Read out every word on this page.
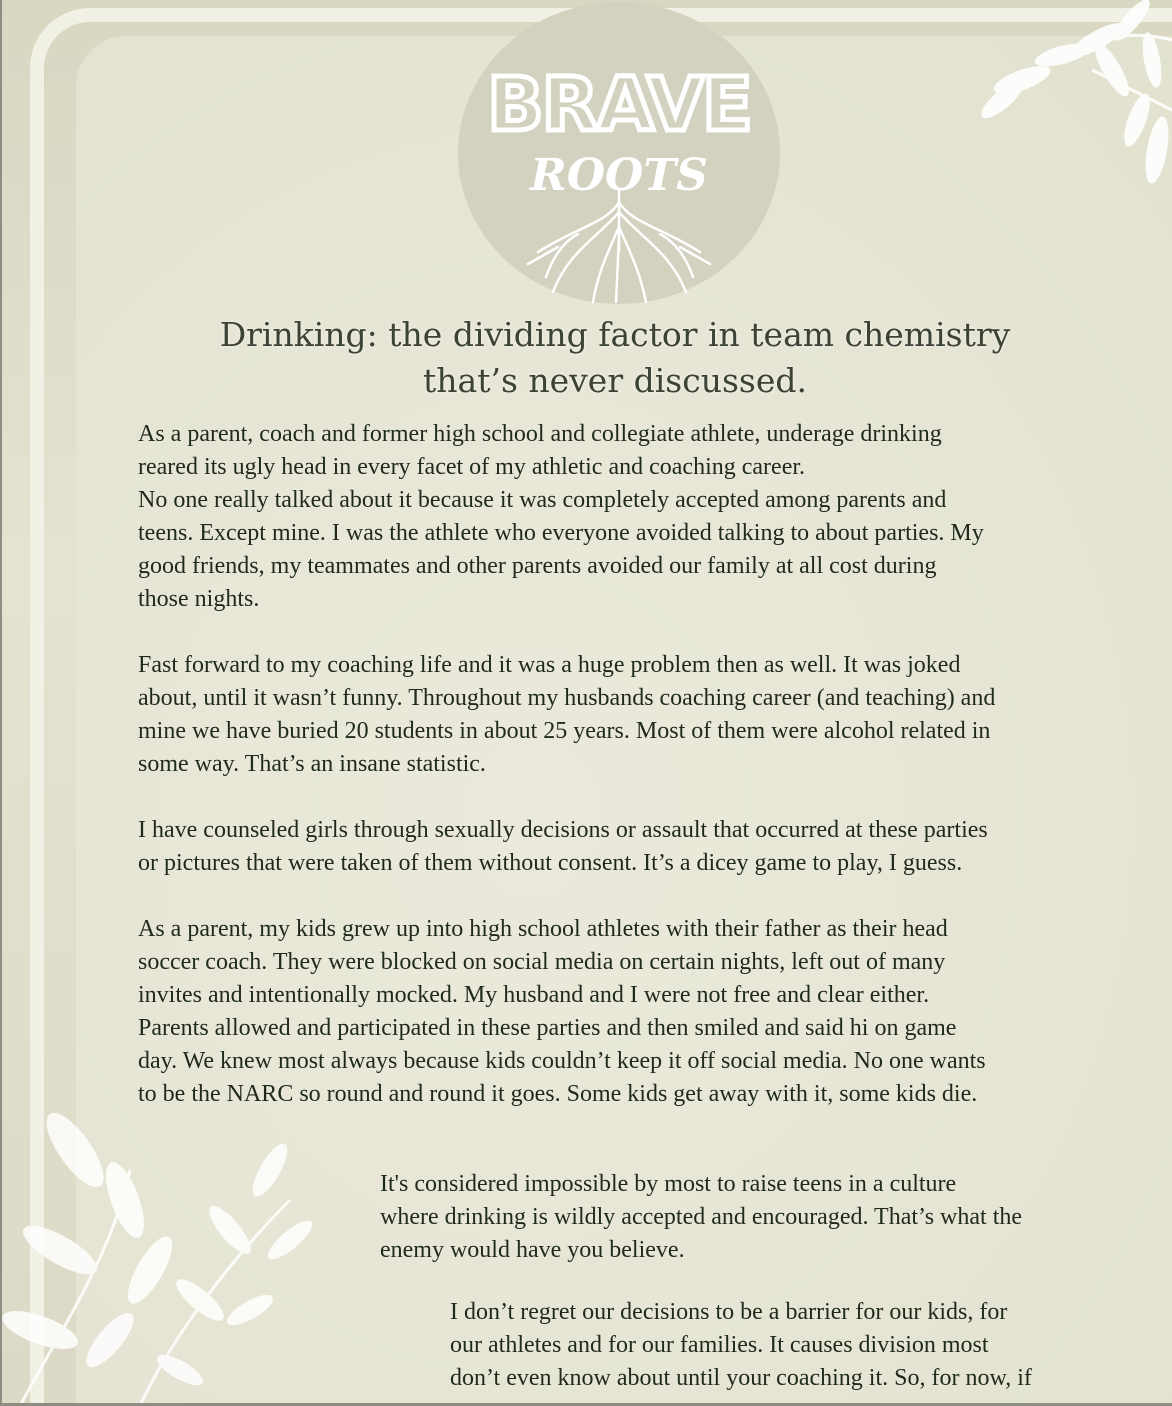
BRAVE
ROOTS
Drinking: the dividing factor in team chemistry
that’s never discussed.

As a parent, coach and former high school and collegiate athlete, underage drinking
reared its ugly head in every facet of my athletic and coaching career.
No one really talked about it because it was completely accepted among parents and
teens. Except mine. I was the athlete who everyone avoided talking to about parties. My
good friends, my teammates and other parents avoided our family at all cost during
those nights.

Fast forward to my coaching life and it was a huge problem then as well. It was joked
about, until it wasn’t funny. Throughout my husbands coaching career (and teaching) and
mine we have buried 20 students in about 25 years. Most of them were alcohol related in
some way. That’s an insane statistic.

I have counseled girls through sexually decisions or assault that occurred at these parties
or pictures that were taken of them without consent. It’s a dicey game to play, I guess.

As a parent, my kids grew up into high school athletes with their father as their head
soccer coach. They were blocked on social media on certain nights, left out of many
invites and intentionally mocked. My husband and I were not free and clear either.
Parents allowed and participated in these parties and then smiled and said hi on game
day. We knew most always because kids couldn’t keep it off social media. No one wants
to be the NARC so round and round it goes. Some kids get away with it, some kids die.

It's considered impossible by most to raise teens in a culture
where drinking is wildly accepted and encouraged. That’s what the
enemy would have you believe.

I don’t regret our decisions to be a barrier for our kids, for
our athletes and for our families. It causes division most
don’t even know about until your coaching it. So, for now, if
